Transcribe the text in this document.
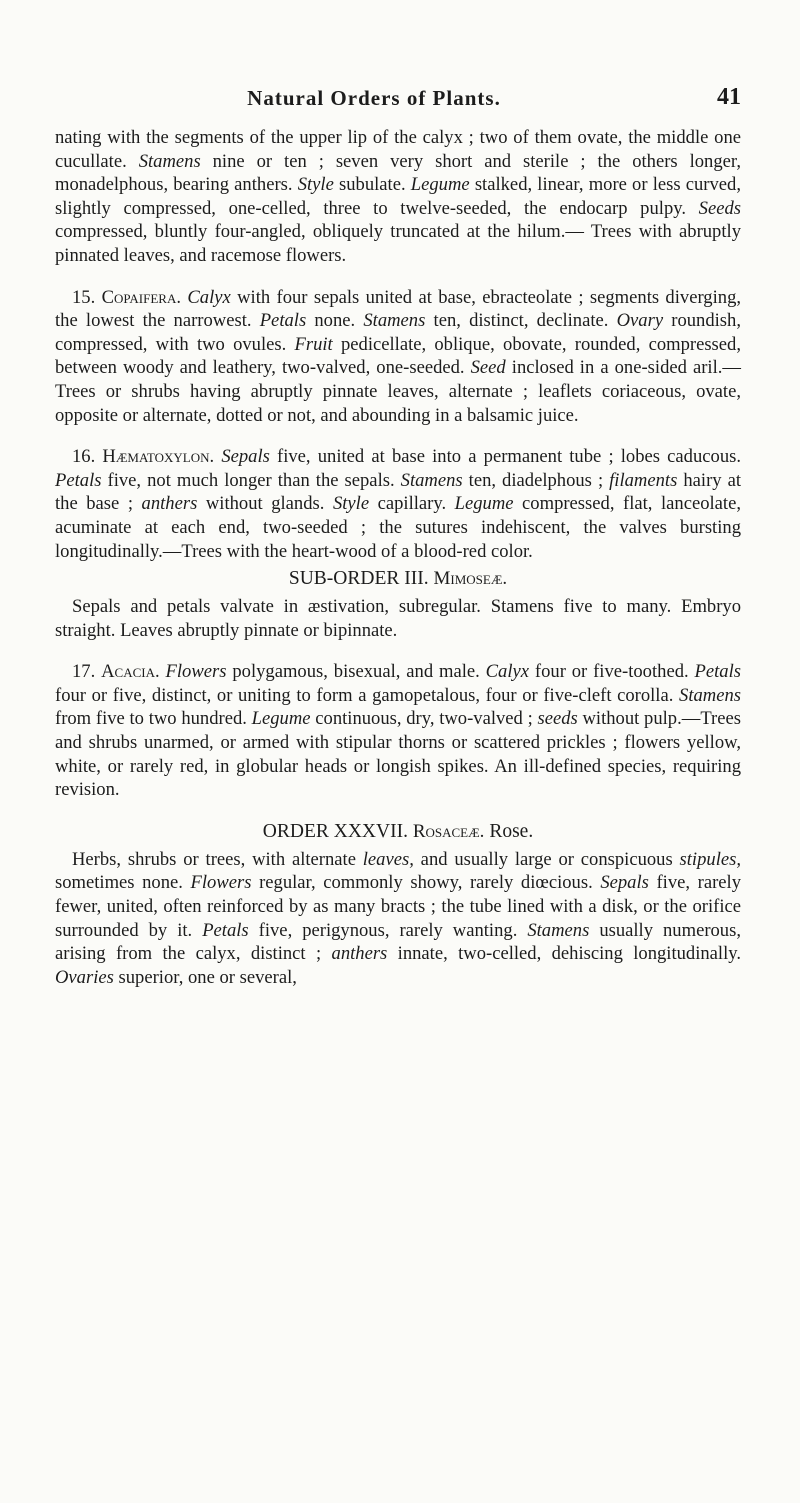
Natural Orders of Plants.	41

nating with the segments of the upper lip of the calyx ; two of them ovate, the middle one cucullate. Stamens nine or ten ; seven very short and sterile ; the others longer, monadelphous, bearing anthers. Style subulate. Legume stalked, linear, more or less curved, slightly compressed, one-celled, three to twelve-seeded, the endocarp pulpy. Seeds compressed, bluntly four-angled, obliquely truncated at the hilum.— Trees with abruptly pinnated leaves, and racemose flowers.

15. Copaifera. Calyx with four sepals united at base, ebracteolate ; segments diverging, the lowest the narrowest. Petals none. Stamens ten, distinct, declinate. Ovary roundish, compressed, with two ovules. Fruit pedicellate, oblique, obovate, rounded, compressed, between woody and leathery, two-valved, one-seeded. Seed inclosed in a one-sided aril.—Trees or shrubs having abruptly pinnate leaves, alternate ; leaflets coriaceous, ovate, opposite or alternate, dotted or not, and abounding in a balsamic juice.

16. Hæmatoxylon. Sepals five, united at base into a permanent tube ; lobes caducous. Petals five, not much longer than the sepals. Stamens ten, diadelphous ; filaments hairy at the base ; anthers without glands. Style capillary. Legume compressed, flat, lanceolate, acuminate at each end, two-seeded ; the sutures indehiscent, the valves bursting longitudinally.—Trees with the heart-wood of a blood-red color.

SUB-ORDER III. Mimoseæ.

Sepals and petals valvate in æstivation, subregular. Stamens five to many. Embryo straight. Leaves abruptly pinnate or bipinnate.

17. Acacia. Flowers polygamous, bisexual, and male. Calyx four or five-toothed. Petals four or five, distinct, or uniting to form a gamopetalous, four or five-cleft corolla. Stamens from five to two hundred. Legume continuous, dry, two-valved ; seeds without pulp.—Trees and shrubs unarmed, or armed with stipular thorns or scattered prickles ; flowers yellow, white, or rarely red, in globular heads or longish spikes. An ill-defined species, requiring revision.

ORDER XXXVII. Rosaceæ. Rose.

Herbs, shrubs or trees, with alternate leaves, and usually large or conspicuous stipules, sometimes none. Flowers regular, commonly showy, rarely diœcious. Sepals five, rarely fewer, united, often reinforced by as many bracts ; the tube lined with a disk, or the orifice surrounded by it. Petals five, perigynous, rarely wanting. Stamens usually numerous, arising from the calyx, distinct ; anthers innate, two-celled, dehiscing longitudinally. Ovaries superior, one or several,
